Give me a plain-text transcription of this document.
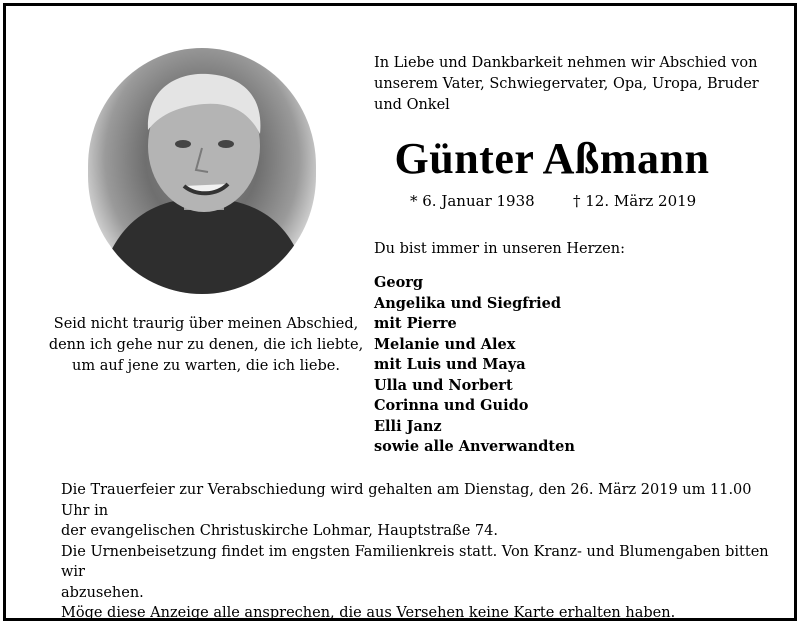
Seid nicht traurig über meinen Abschied,
denn ich gehe nur zu denen, die ich liebte,
um auf jene zu warten, die ich liebe.
In Liebe und Dankbarkeit nehmen wir Abschied von
unserem Vater, Schwiegervater, Opa, Uropa, Bruder
und Onkel
Günter Aßmann
* 6. Januar 1938	† 12. März 2019
Du bist immer in unseren Herzen:
Georg
Angelika und Siegfried
mit Pierre
Melanie und Alex
mit Luis und Maya
Ulla und Norbert
Corinna und Guido
Elli Janz
sowie alle Anverwandten

Die Trauerfeier zur Verabschiedung wird gehalten am Dienstag, den 26. März 2019 um 11.00 Uhr in

der evangelischen Christuskirche Lohmar, Hauptstraße 74.

Die Urnenbeisetzung findet im engsten Familienkreis statt. Von Kranz- und Blumengaben bitten wir

abzusehen.

Möge diese Anzeige alle ansprechen, die aus Versehen keine Karte erhalten haben.
